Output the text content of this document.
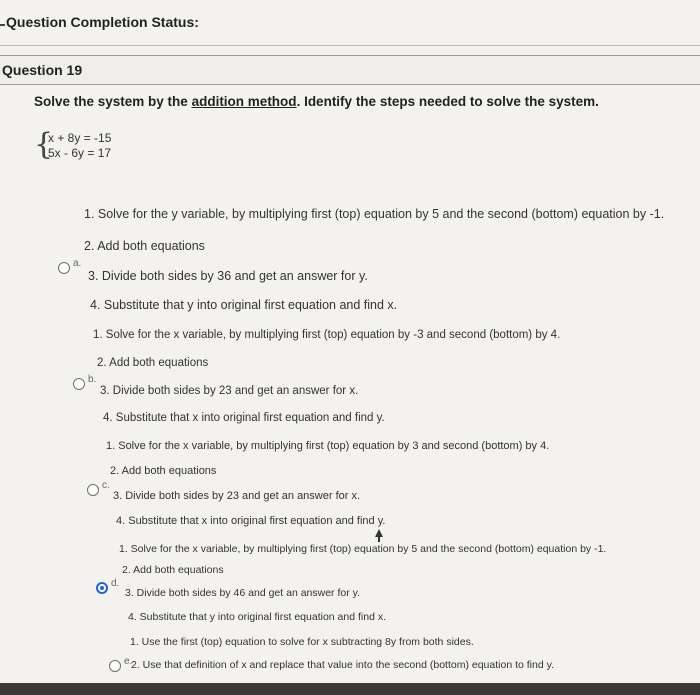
Question Completion Status:
Question 19
Solve the system by the addition method. Identify the steps needed to solve the system.
{
x + 8y = -15
5x - 6y = 17
a.
1. Solve for the y variable, by multiplying first (top) equation by 5 and the second (bottom) equation by -1.
2. Add both equations
3. Divide both sides by 36 and get an answer for y.
4. Substitute that y into original first equation and find x.
b.
1. Solve for the x variable, by multiplying first (top) equation by -3 and second (bottom) by 4.
2. Add both equations
3. Divide both sides by 23 and get an answer for x.
4. Substitute that x into original first equation and find y.
c.
1. Solve for the x variable, by multiplying first (top) equation by 3 and second (bottom) by 4.
2. Add both equations
3. Divide both sides by 23 and get an answer for x.
4. Substitute that x into original first equation and find y.
d.
1. Solve for the x variable, by multiplying first (top) equation by 5 and the second (bottom) equation by -1.
2. Add both equations
3. Divide both sides by 46 and get an answer for y.
4. Substitute that y into original first equation and find x.
e.
1. Use the first (top) equation to solve for x subtracting 8y from both sides.
2. Use that definition of x and replace that value into the second (bottom) equation to find y.
